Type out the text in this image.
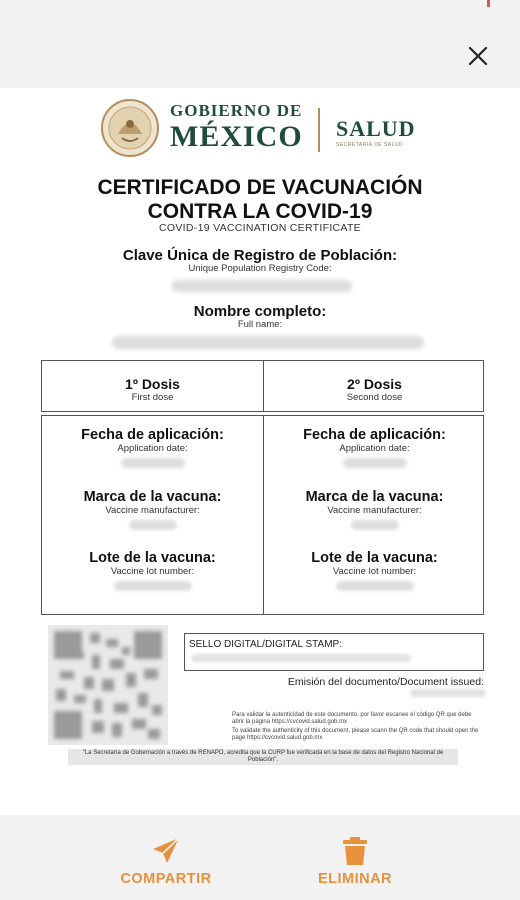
GOBIERNO DE
MÉXICO SALUD
SECRETARÍA DE SALUD
CERTIFICADO DE VACUNACIÓN
CONTRA LA COVID-19
COVID-19 VACCINATION CERTIFICATE
Clave Única de Registro de Población:
Unique Population Registry Code:
Nombre completo:
Full name:
1º Dosis
First dose
2º Dosis
Second dose
Fecha de aplicación:
Application date:
Marca de la vacuna:
Vaccine manufacturer:
Lote de la vacuna:
Vaccine lot number:
Fecha de aplicación:
Application date:
Marca de la vacuna:
Vaccine manufacturer:
Lote de la vacuna:
Vaccine lot number:
SELLO DIGITAL/DIGITAL STAMP:
Emisión del documento/Document issued:
Para validar la autenticidad de este documento, por favor escanee el código QR que debe abrir la página https://cvcovid.salud.gob.mx
To validate the authenticity of this document, please scann the QR code that should open the page https://cvcovid.salud.gob.mx
"La Secretaría de Gobernación a través de RENAPO, acredita que la CURP fue verificada en la base de datos del Registro Nacional de Población".
COMPARTIR	ELIMINAR
